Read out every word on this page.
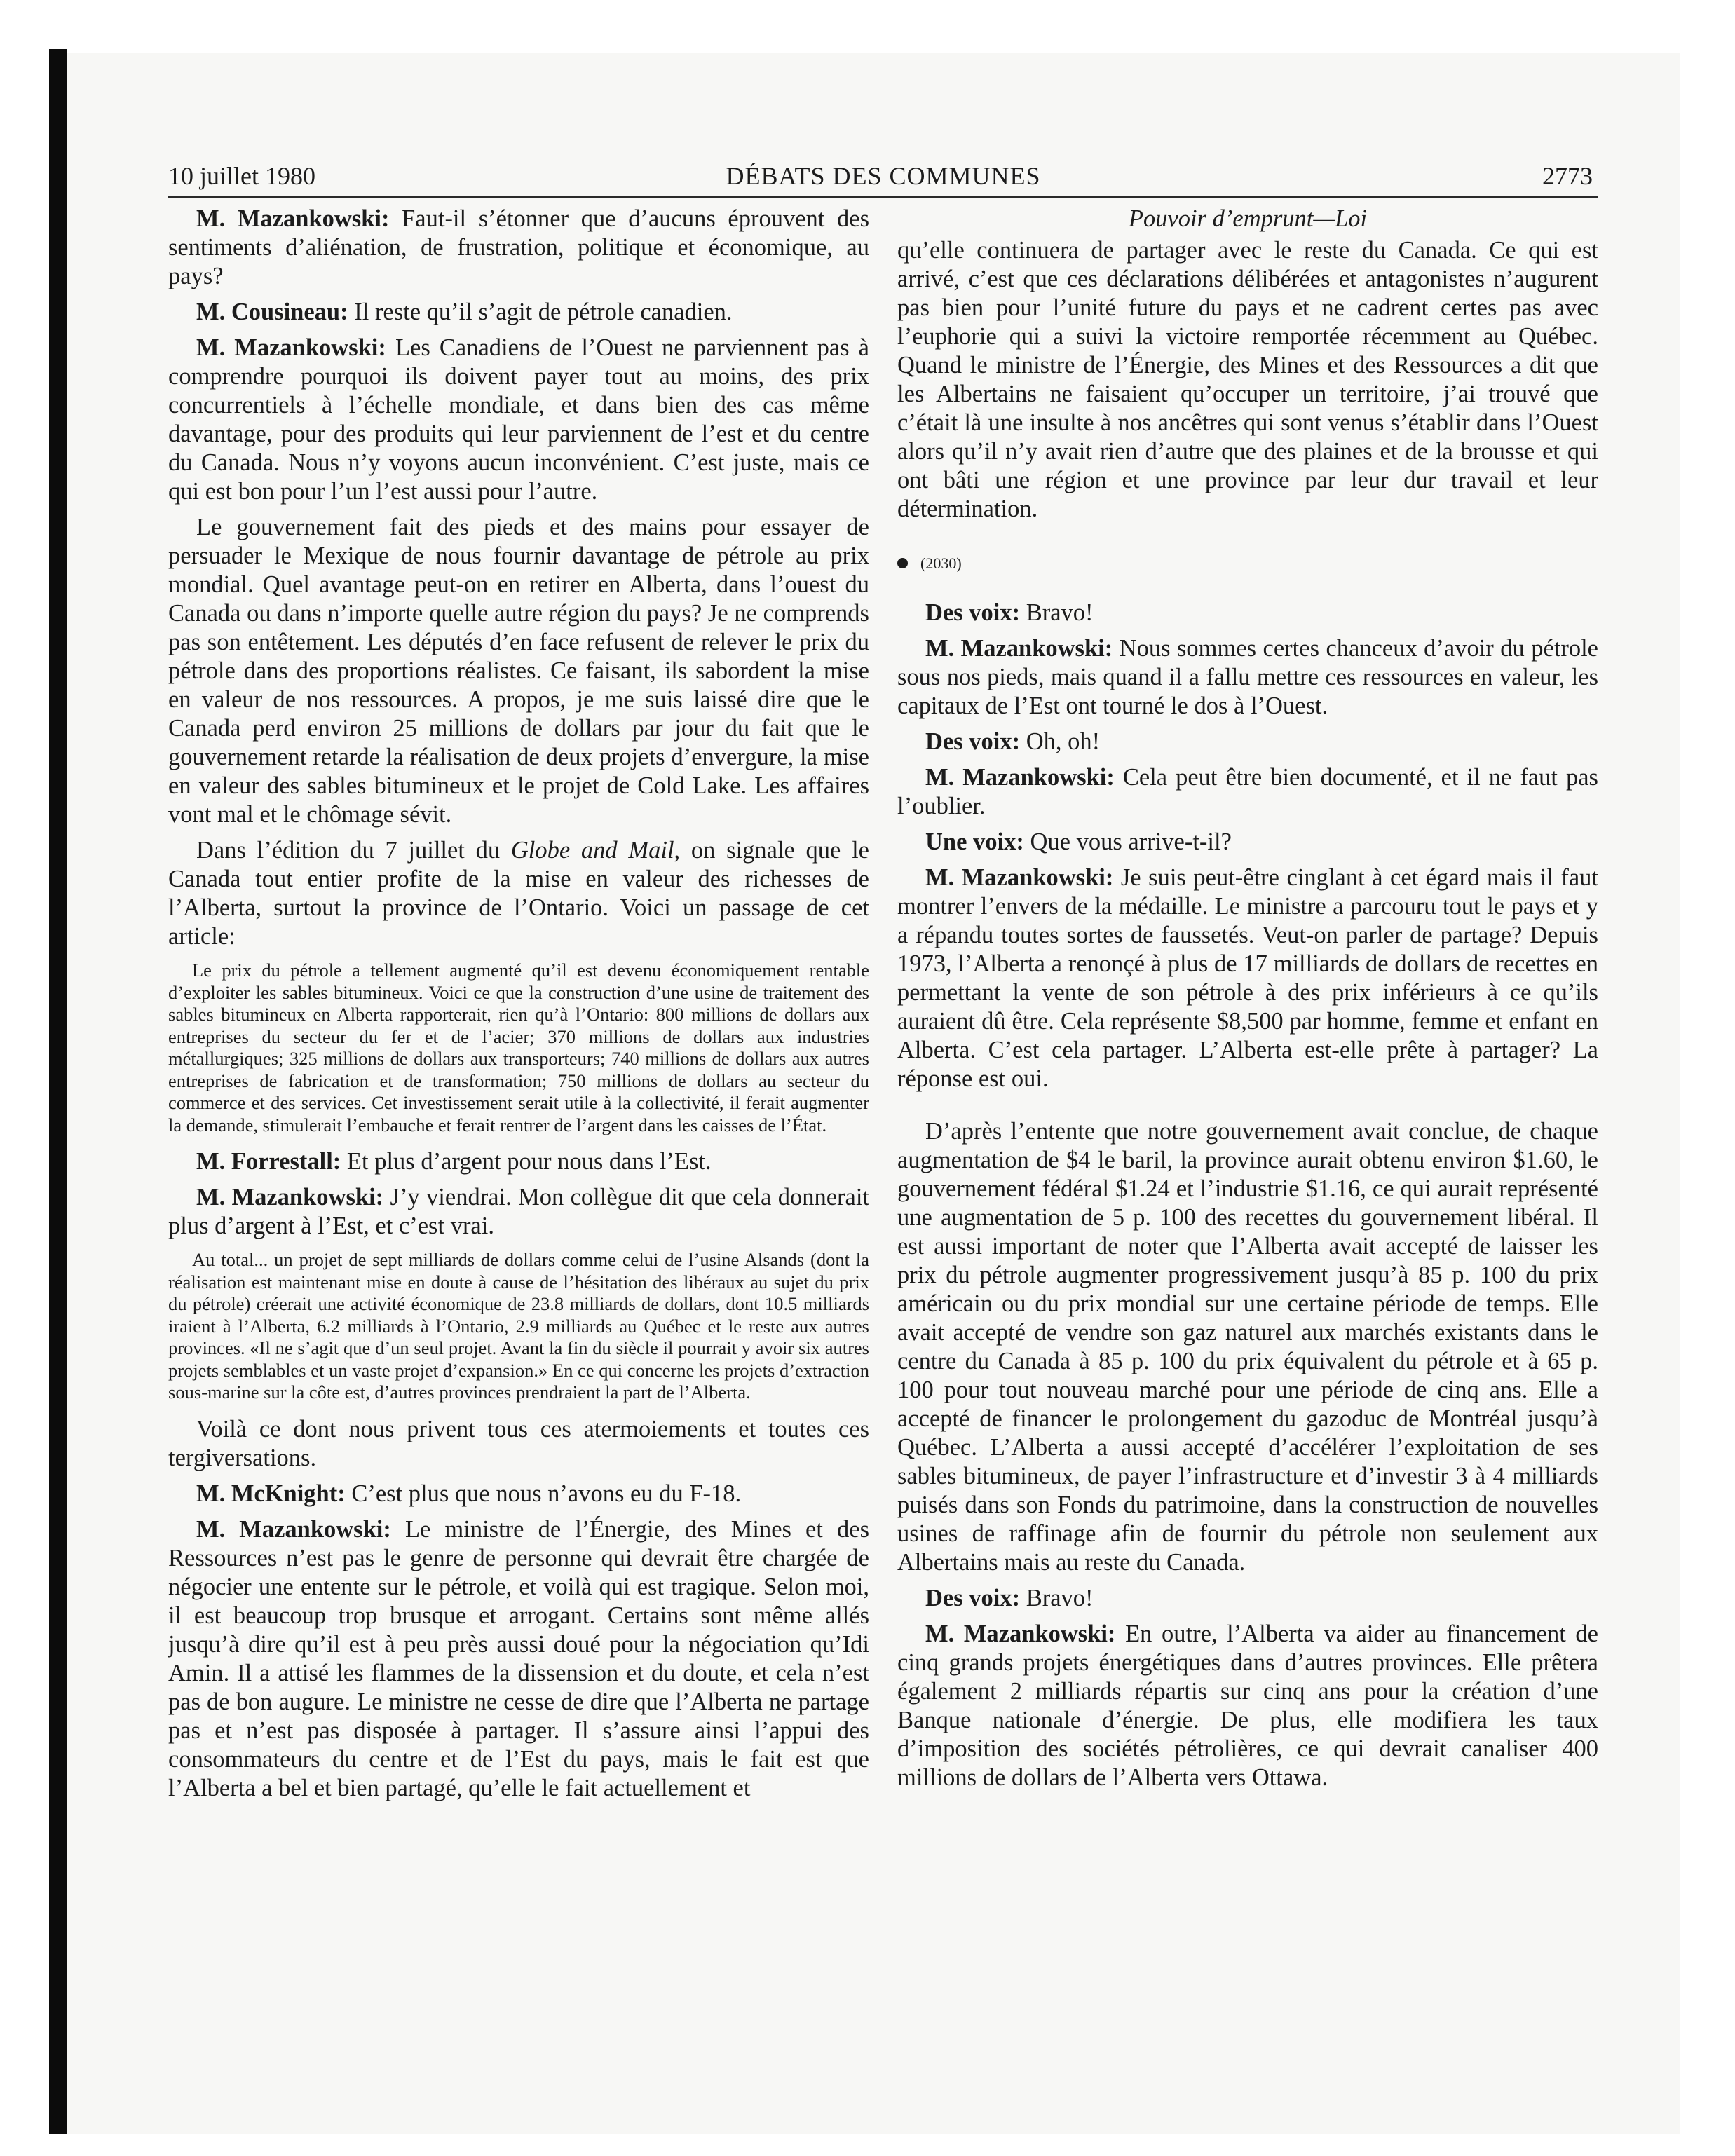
10 juillet 1980	DÉBATS DES COMMUNES	2773

M. Mazankowski: Faut-il s’étonner que d’aucuns éprouvent des sentiments d’aliénation, de frustration, politique et économique, au pays?

M. Cousineau: Il reste qu’il s’agit de pétrole canadien.

M. Mazankowski: Les Canadiens de l’Ouest ne parviennent pas à comprendre pourquoi ils doivent payer tout au moins, des prix concurrentiels à l’échelle mondiale, et dans bien des cas même davantage, pour des produits qui leur parviennent de l’est et du centre du Canada. Nous n’y voyons aucun inconvénient. C’est juste, mais ce qui est bon pour l’un l’est aussi pour l’autre.

Le gouvernement fait des pieds et des mains pour essayer de persuader le Mexique de nous fournir davantage de pétrole au prix mondial. Quel avantage peut-on en retirer en Alberta, dans l’ouest du Canada ou dans n’importe quelle autre région du pays? Je ne comprends pas son entêtement. Les députés d’en face refusent de relever le prix du pétrole dans des proportions réalistes. Ce faisant, ils sabordent la mise en valeur de nos ressources. A propos, je me suis laissé dire que le Canada perd environ 25 millions de dollars par jour du fait que le gouvernement retarde la réalisation de deux projets d’envergure, la mise en valeur des sables bitumineux et le projet de Cold Lake. Les affaires vont mal et le chômage sévit.

Dans l’édition du 7 juillet du Globe and Mail, on signale que le Canada tout entier profite de la mise en valeur des richesses de l’Alberta, surtout la province de l’Ontario. Voici un passage de cet article:

Le prix du pétrole a tellement augmenté qu’il est devenu économiquement rentable d’exploiter les sables bitumineux. Voici ce que la construction d’une usine de traitement des sables bitumineux en Alberta rapporterait, rien qu’à l’Ontario: 800 millions de dollars aux entreprises du secteur du fer et de l’acier; 370 millions de dollars aux industries métallurgiques; 325 millions de dollars aux transporteurs; 740 millions de dollars aux autres entreprises de fabrication et de transformation; 750 millions de dollars au secteur du commerce et des services. Cet investissement serait utile à la collectivité, il ferait augmenter la demande, stimulerait l’embauche et ferait rentrer de l’argent dans les caisses de l’État.

M. Forrestall: Et plus d’argent pour nous dans l’Est.

M. Mazankowski: J’y viendrai. Mon collègue dit que cela donnerait plus d’argent à l’Est, et c’est vrai.

Au total... un projet de sept milliards de dollars comme celui de l’usine Alsands (dont la réalisation est maintenant mise en doute à cause de l’hésitation des libéraux au sujet du prix du pétrole) créerait une activité économique de 23.8 milliards de dollars, dont 10.5 milliards iraient à l’Alberta, 6.2 milliards à l’Ontario, 2.9 milliards au Québec et le reste aux autres provinces. «Il ne s’agit que d’un seul projet. Avant la fin du siècle il pourrait y avoir six autres projets semblables et un vaste projet d’expansion.» En ce qui concerne les projets d’extraction sous-marine sur la côte est, d’autres provinces prendraient la part de l’Alberta.

Voilà ce dont nous privent tous ces atermoiements et toutes ces tergiversations.

M. McKnight: C’est plus que nous n’avons eu du F-18.

M. Mazankowski: Le ministre de l’Énergie, des Mines et des Ressources n’est pas le genre de personne qui devrait être chargée de négocier une entente sur le pétrole, et voilà qui est tragique. Selon moi, il est beaucoup trop brusque et arrogant. Certains sont même allés jusqu’à dire qu’il est à peu près aussi doué pour la négociation qu’Idi Amin. Il a attisé les flammes de la dissension et du doute, et cela n’est pas de bon augure. Le ministre ne cesse de dire que l’Alberta ne partage pas et n’est pas disposée à partager. Il s’assure ainsi l’appui des consommateurs du centre et de l’Est du pays, mais le fait est que l’Alberta a bel et bien partagé, qu’elle le fait actuellement et

Pouvoir d’emprunt—Loi

qu’elle continuera de partager avec le reste du Canada. Ce qui est arrivé, c’est que ces déclarations délibérées et antagonistes n’augurent pas bien pour l’unité future du pays et ne cadrent certes pas avec l’euphorie qui a suivi la victoire remportée récemment au Québec. Quand le ministre de l’Énergie, des Mines et des Ressources a dit que les Albertains ne faisaient qu’occuper un territoire, j’ai trouvé que c’était là une insulte à nos ancêtres qui sont venus s’établir dans l’Ouest alors qu’il n’y avait rien d’autre que des plaines et de la brousse et qui ont bâti une région et une province par leur dur travail et leur détermination.

(2030)

Des voix: Bravo!

M. Mazankowski: Nous sommes certes chanceux d’avoir du pétrole sous nos pieds, mais quand il a fallu mettre ces ressources en valeur, les capitaux de l’Est ont tourné le dos à l’Ouest.

Des voix: Oh, oh!

M. Mazankowski: Cela peut être bien documenté, et il ne faut pas l’oublier.

Une voix: Que vous arrive-t-il?

M. Mazankowski: Je suis peut-être cinglant à cet égard mais il faut montrer l’envers de la médaille. Le ministre a parcouru tout le pays et y a répandu toutes sortes de faussetés. Veut-on parler de partage? Depuis 1973, l’Alberta a renonçé à plus de 17 milliards de dollars de recettes en permettant la vente de son pétrole à des prix inférieurs à ce qu’ils auraient dû être. Cela représente $8,500 par homme, femme et enfant en Alberta. C’est cela partager. L’Alberta est-elle prête à partager? La réponse est oui.

D’après l’entente que notre gouvernement avait conclue, de chaque augmentation de $4 le baril, la province aurait obtenu environ $1.60, le gouvernement fédéral $1.24 et l’industrie $1.16, ce qui aurait représenté une augmentation de 5 p. 100 des recettes du gouvernement libéral. Il est aussi important de noter que l’Alberta avait accepté de laisser les prix du pétrole augmenter progressivement jusqu’à 85 p. 100 du prix américain ou du prix mondial sur une certaine période de temps. Elle avait accepté de vendre son gaz naturel aux marchés existants dans le centre du Canada à 85 p. 100 du prix équivalent du pétrole et à 65 p. 100 pour tout nouveau marché pour une période de cinq ans. Elle a accepté de financer le prolongement du gazoduc de Montréal jusqu’à Québec. L’Alberta a aussi accepté d’accélérer l’exploitation de ses sables bitumineux, de payer l’infrastructure et d’investir 3 à 4 milliards puisés dans son Fonds du patrimoine, dans la construction de nouvelles usines de raffinage afin de fournir du pétrole non seulement aux Albertains mais au reste du Canada.

Des voix: Bravo!

M. Mazankowski: En outre, l’Alberta va aider au financement de cinq grands projets énergétiques dans d’autres provinces. Elle prêtera également 2 milliards répartis sur cinq ans pour la création d’une Banque nationale d’énergie. De plus, elle modifiera les taux d’imposition des sociétés pétrolières, ce qui devrait canaliser 400 millions de dollars de l’Alberta vers Ottawa.
